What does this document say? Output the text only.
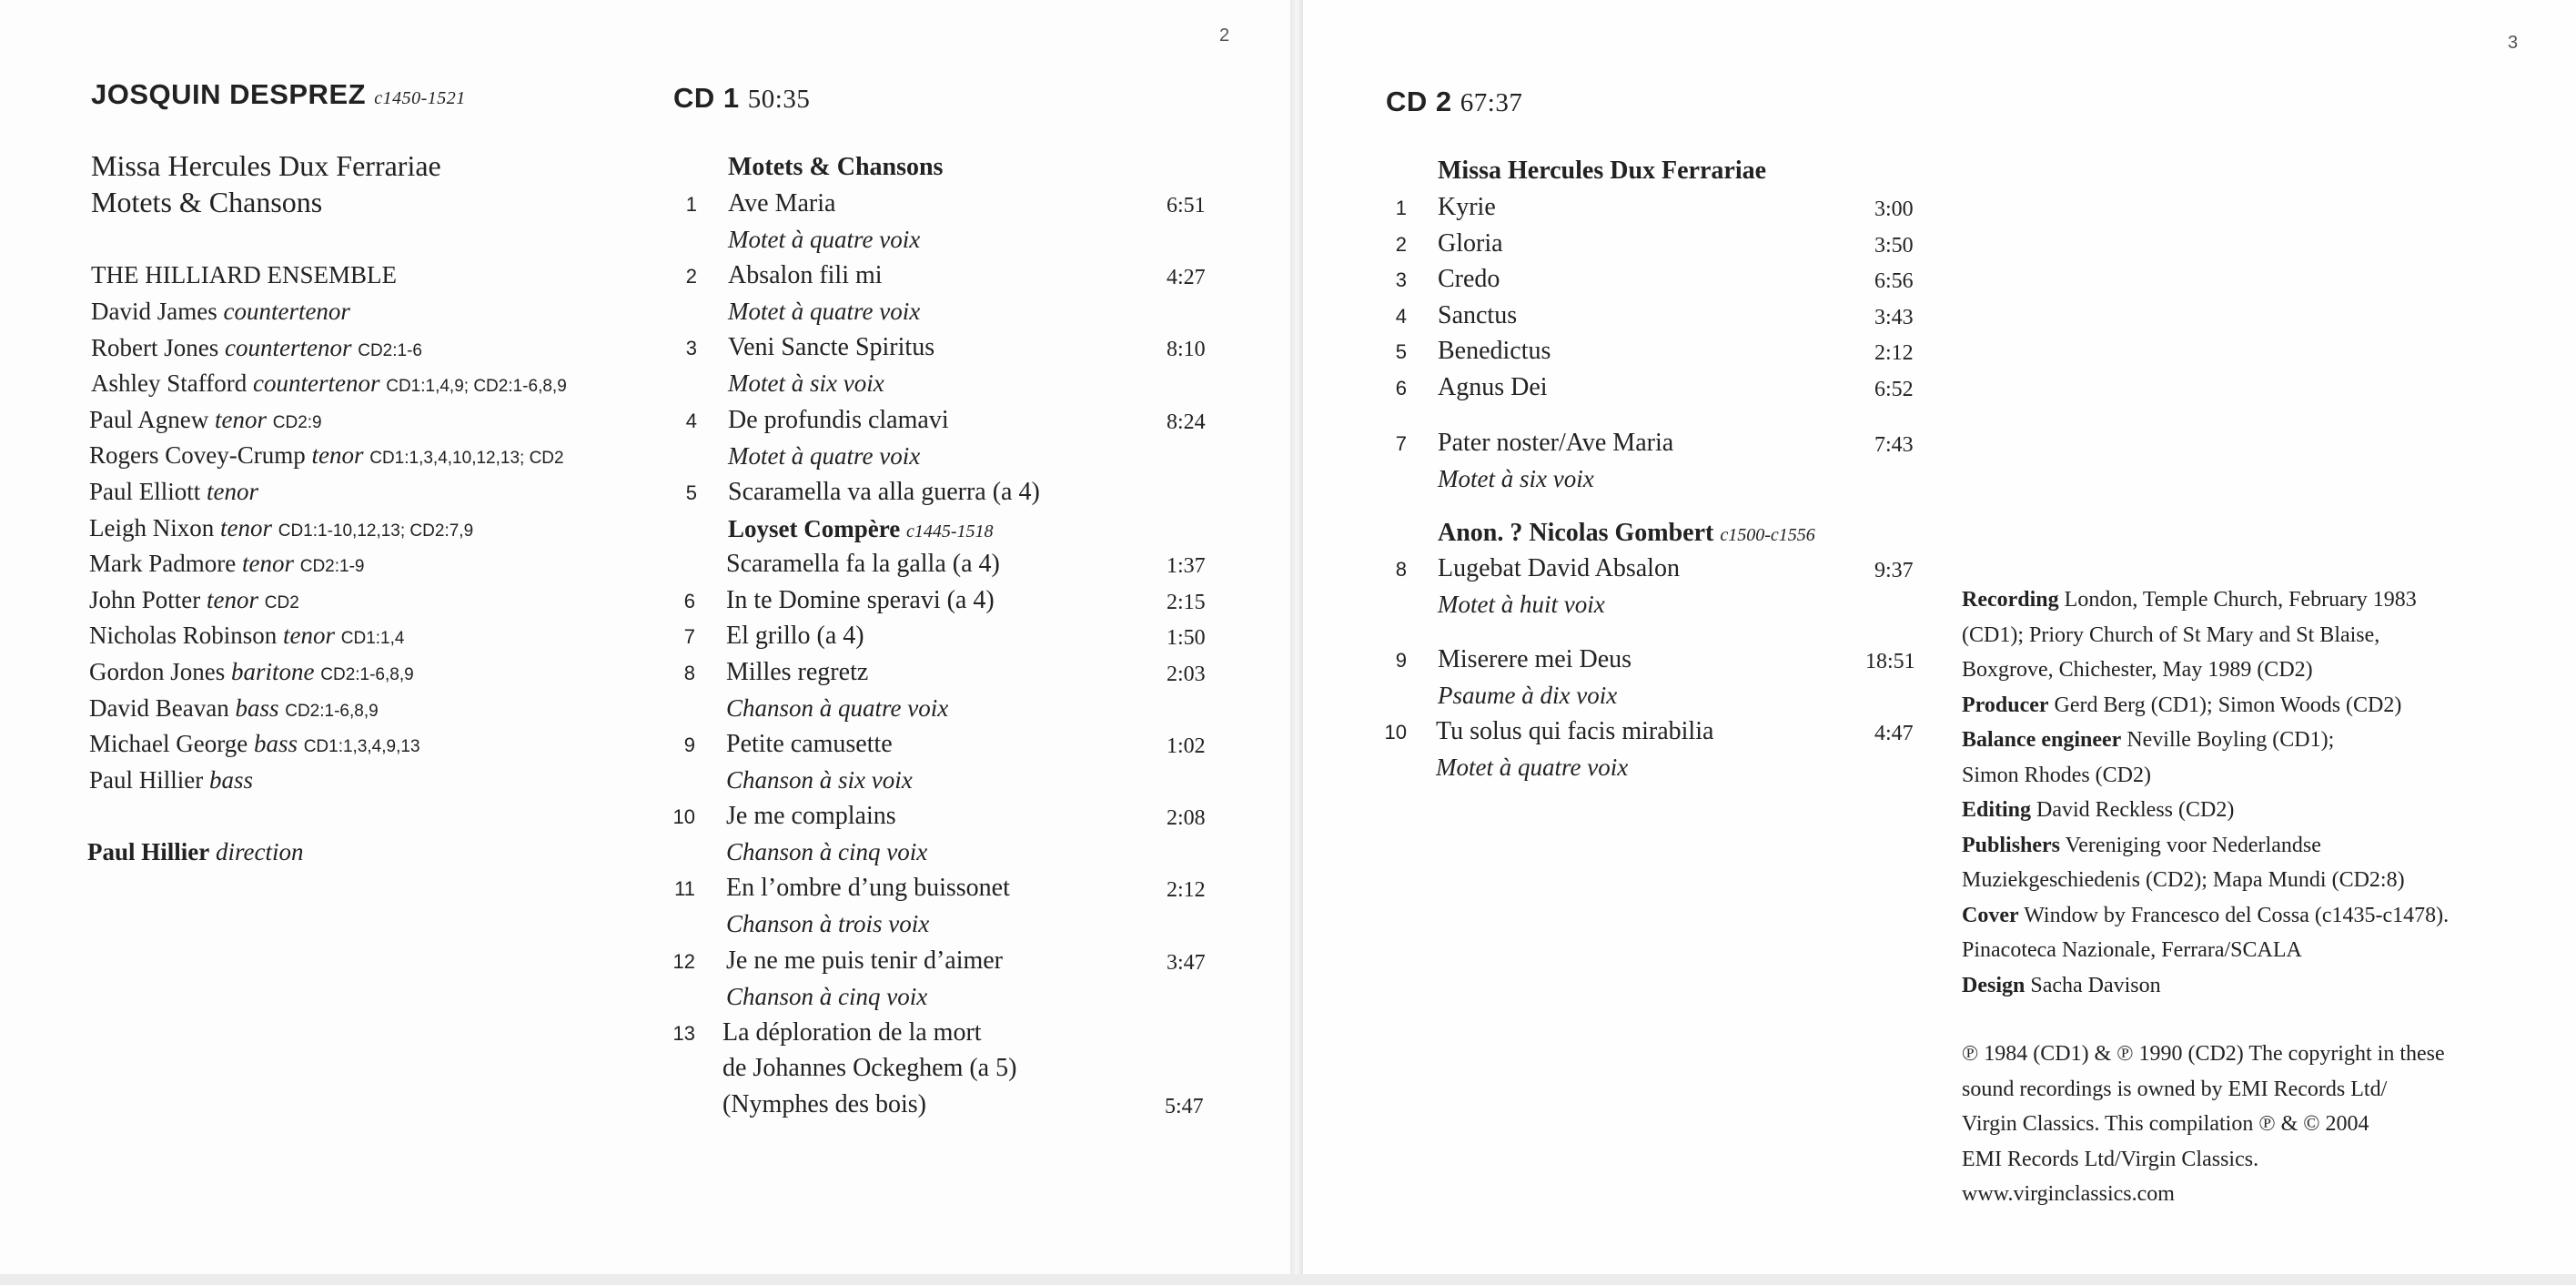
2	3
JOSQUIN DESPREZ c1450-1521
Missa Hercules Dux Ferrariae
Motets & Chansons
THE HILLIARD ENSEMBLE
David James countertenor
Robert Jones countertenor CD2:1-6
Ashley Stafford countertenor CD1:1,4,9; CD2:1-6,8,9
Paul Agnew tenor CD2:9
Rogers Covey-Crump tenor CD1:1,3,4,10,12,13; CD2
Paul Elliott tenor
Leigh Nixon tenor CD1:1-10,12,13; CD2:7,9
Mark Padmore tenor CD2:1-9
John Potter tenor CD2
Nicholas Robinson tenor CD1:1,4
Gordon Jones baritone CD2:1-6,8,9
David Beavan bass CD2:1-6,8,9
Michael George bass CD1:1,3,4,9,13
Paul Hillier bass
Paul Hillier direction
CD 1 50:35
Motets & Chansons
1 Ave Maria	6:51
Motet à quatre voix
2 Absalon fili mi	4:27
Motet à quatre voix
3 Veni Sancte Spiritus	8:10
Motet à six voix
4 De profundis clamavi	8:24
Motet à quatre voix
5 Scaramella va alla guerra (a 4)
Loyset Compère c1445-1518
Scaramella fa la galla (a 4)	1:37
6 In te Domine speravi (a 4)	2:15
7 El grillo (a 4)	1:50
8 Milles regretz	2:03
Chanson à quatre voix
9 Petite camusette	1:02
Chanson à six voix
10 Je me complains	2:08
Chanson à cinq voix
11 En l’ombre d’ung buissonet	2:12
Chanson à trois voix
12 Je ne me puis tenir d’aimer	3:47
Chanson à cinq voix
13 La déploration de la mort
de Johannes Ockeghem (a 5)
(Nymphes des bois)	5:47
CD 2 67:37
Missa Hercules Dux Ferrariae
1 Kyrie	3:00
2 Gloria	3:50
3 Credo	6:56
4 Sanctus	3:43
5 Benedictus	2:12
6 Agnus Dei	6:52
7 Pater noster/Ave Maria	7:43
Motet à six voix
Anon. ? Nicolas Gombert c1500-c1556
8 Lugebat David Absalon	9:37
Motet à huit voix
9 Miserere mei Deus	18:51
Psaume à dix voix
10 Tu solus qui facis mirabilia	4:47
Motet à quatre voix
Recording London, Temple Church, February 1983
(CD1); Priory Church of St Mary and St Blaise,
Boxgrove, Chichester, May 1989 (CD2)
Producer Gerd Berg (CD1); Simon Woods (CD2)
Balance engineer Neville Boyling (CD1);
Simon Rhodes (CD2)
Editing David Reckless (CD2)
Publishers Vereniging voor Nederlandse
Muziekgeschiedenis (CD2); Mapa Mundi (CD2:8)
Cover Window by Francesco del Cossa (c1435-c1478).
Pinacoteca Nazionale, Ferrara/SCALA
Design Sacha Davison
℗ 1984 (CD1) & ℗ 1990 (CD2) The copyright in these
sound recordings is owned by EMI Records Ltd/
Virgin Classics. This compilation ℗ & © 2004
EMI Records Ltd/Virgin Classics.
www.virginclassics.com
